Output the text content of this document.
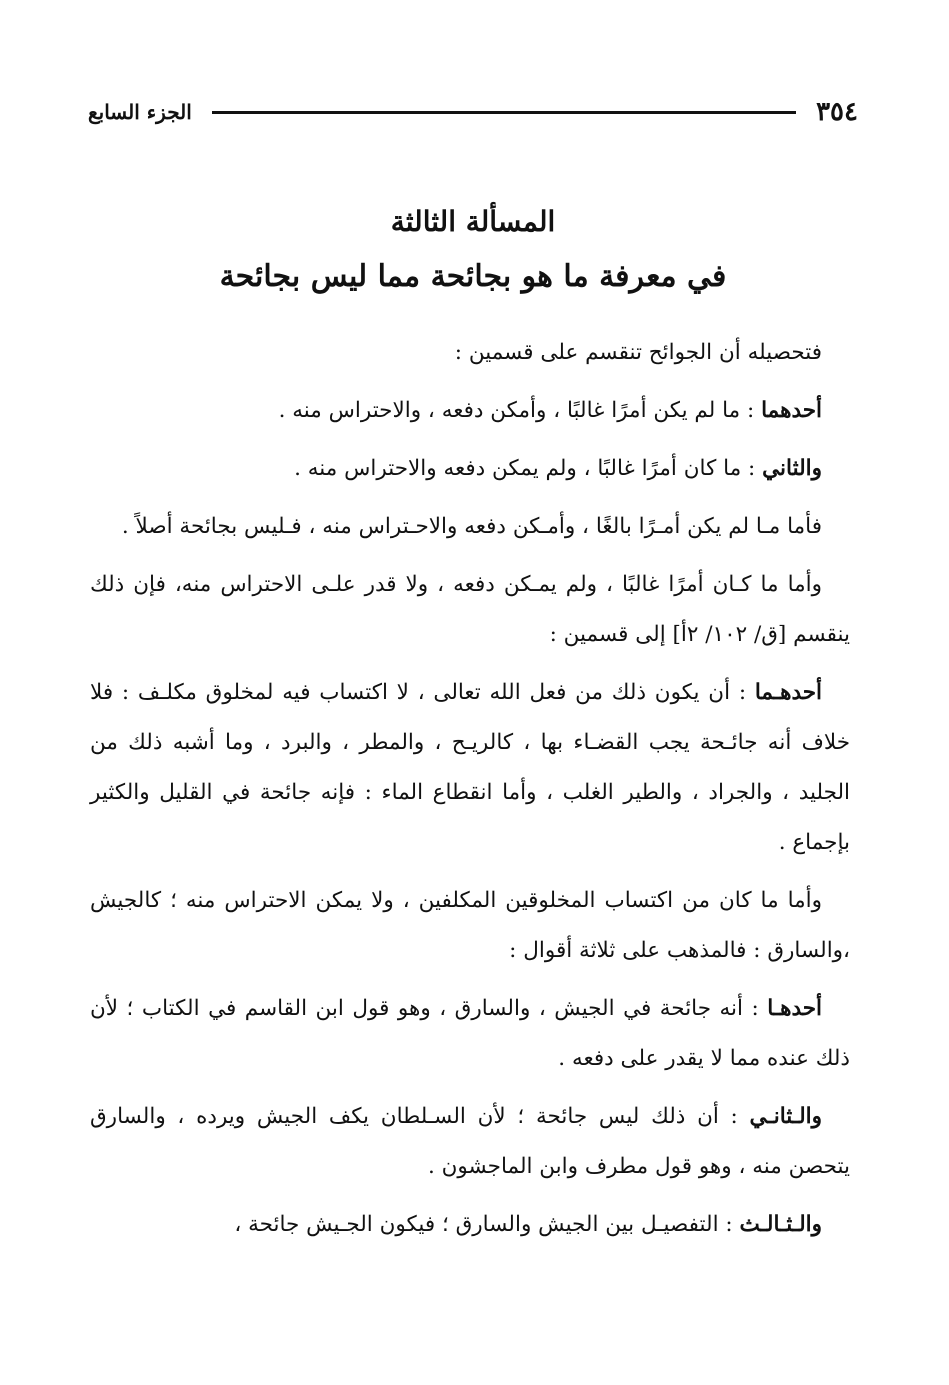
٣٥٤
الجزء السابع
المسألة الثالثة
في معرفة ما هو بجائحة مما ليس بجائحة

فتحصيله أن الجوائح تنقسم على قسمين :

أحدهما : ما لم يكن أمرًا غالبًا ، وأمكن دفعه ، والاحتراس منه .

والثاني : ما كان أمرًا غالبًا ، ولم يمكن دفعه والاحتراس منه .

فأما مـا لم يكن أمـرًا بالغًا ، وأمـكن دفعه والاحـتراس منه ، فـليس بجائحة أصلاً .

وأما ما كـان أمرًا غالبًا ، ولم يمـكن دفعه ، ولا قدر علـى الاحتراس منه، فإن ذلك ينقسم [ق/ ١٠٢/ ٢أ] إلى قسمين :

أحدهـما : أن يكون ذلك من فعل الله تعالى ، لا اكتساب فيه لمخلوق مكلـف : فلا خلاف أنه جائـحة يجب القضـاء بها ، كالريـح ، والمطر ، والبرد ، وما أشبه ذلك من الجليد ، والجراد ، والطير الغلب ، وأما انقطاع الماء : فإنه جائحة في القليل والكثير بإجماع .

وأما ما كان من اكتساب المخلوقين المكلفين ، ولا يمكن الاحتراس منه ؛ كالجيش ،والسارق : فالمذهب على ثلاثة أقوال :

أحدهـا : أنه جائحة في الجيش ، والسارق ، وهو قول ابن القاسم في الكتاب ؛ لأن ذلك عنده مما لا يقدر على دفعه .

والـثانـي : أن ذلك ليس جائحة ؛ لأن السـلطان يكف الجيش ويرده ، والسارق يتحصن منه ، وهو قول مطرف وابن الماجشون .

والـثـالـث : التفصيـل بين الجيش والسارق ؛ فيكون الجـيش جائحة ،
